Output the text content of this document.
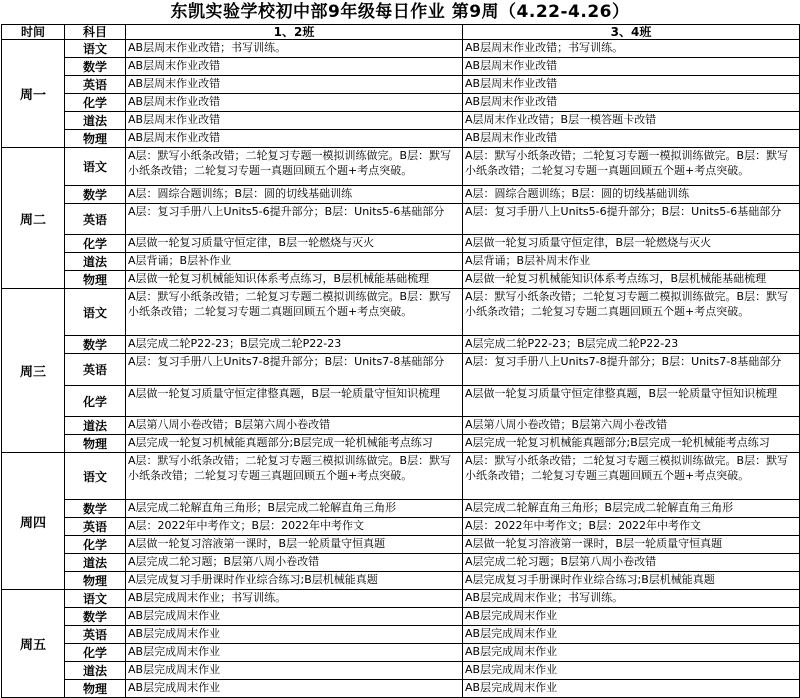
东凯实验学校初中部9年级每日作业 第9周（4.22-4.26）
时间	科目	1、2班	3、4班
周一	语文	AB层周末作业改错；书写训练。	AB层周末作业改错；书写训练。
	数学	AB层周末作业改错	AB层周末作业改错
	英语	AB层周末作业改错	AB层周末作业改错
	化学	AB层周末作业改错	AB层周末作业改错
	道法	AB层周末作业改错	A层周末作业改错；B层一模答题卡改错
	物理	AB层周末作业改错	AB层周末作业改错
周二	语文	A层：默写小纸条改错；二轮复习专题一模拟训练做完。B层：默写小纸条改错；二轮复习专题一真题回顾五个题+考点突破。	A层：默写小纸条改错；二轮复习专题一模拟训练做完。B层：默写小纸条改错；二轮复习专题一真题回顾五个题+考点突破。
	数学	A层：圆综合题训练；B层：圆的切线基础训练	A层：圆综合题训练；B层：圆的切线基础训练
	英语	A层：复习手册八上Units5-6提升部分；B层：Units5-6基础部分	A层：复习手册八上Units5-6提升部分；B层：Units5-6基础部分
	化学	A层做一轮复习质量守恒定律，B层一轮燃烧与灭火	A层做一轮复习质量守恒定律，B层一轮燃烧与灭火
	道法	A层背诵；B层补作业	A层背诵；B层补周末作业
	物理	A层做一轮复习机械能知识体系考点练习，B层机械能基础梳理	A层做一轮复习机械能知识体系考点练习，B层机械能基础梳理
周三	语文	A层：默写小纸条改错；二轮复习专题二模拟训练做完。B层：默写小纸条改错；二轮复习专题二真题回顾五个题+考点突破。	A层：默写小纸条改错；二轮复习专题二模拟训练做完。B层：默写小纸条改错；二轮复习专题二真题回顾五个题+考点突破。
	数学	A层完成二轮P22-23；B层完成二轮P22-23	A层完成二轮P22-23；B层完成二轮P22-23
	英语	A层：复习手册八上Units7-8提升部分；B层：Units7-8基础部分	A层：复习手册八上Units7-8提升部分；B层：Units7-8基础部分
	化学	A层做一轮复习质量守恒定律整真题，B层一轮质量守恒知识梳理	A层做一轮复习质量守恒定律整真题，B层一轮质量守恒知识梳理
	道法	A层第八周小卷改错；B层第六周小卷改错	A层第八周小卷改错；B层第六周小卷改错
	物理	A层完成一轮复习机械能真题部分;B层完成一轮机械能考点练习	A层完成一轮复习机械能真题部分;B层完成一轮机械能考点练习
周四	语文	A层：默写小纸条改错；二轮复习专题三模拟训练做完。B层：默写小纸条改错；二轮复习专题三真题回顾五个题+考点突破。	A层：默写小纸条改错；二轮复习专题三模拟训练做完。B层：默写小纸条改错；二轮复习专题三真题回顾五个题+考点突破。
	数学	A层完成二轮解直角三角形；B层完成二轮解直角三角形	A层完成二轮解直角三角形；B层完成二轮解直角三角形
	英语	A层：2022年中考作文；B层：2022年中考作文	A层：2022年中考作文；B层：2022年中考作文
	化学	A层做一轮复习溶液第一课时，B层一轮质量守恒真题	A层做一轮复习溶液第一课时，B层一轮质量守恒真题
	道法	A层完成二轮习题；B层第八周小卷改错	A层完成二轮习题；B层第八周小卷改错
	物理	A层完成复习手册课时作业综合练习;B层机械能真题	A层完成复习手册课时作业综合练习;B层机械能真题
周五	语文	AB层完成周末作业；书写训练。	AB层完成周末作业；书写训练。
	数学	AB层完成周末作业	AB层完成周末作业
	英语	AB层完成周末作业	AB层完成周末作业
	化学	AB层完成周末作业	AB层完成周末作业
	道法	AB层完成周末作业	AB层完成周末作业
	物理	AB层完成周末作业	AB层完成周末作业
